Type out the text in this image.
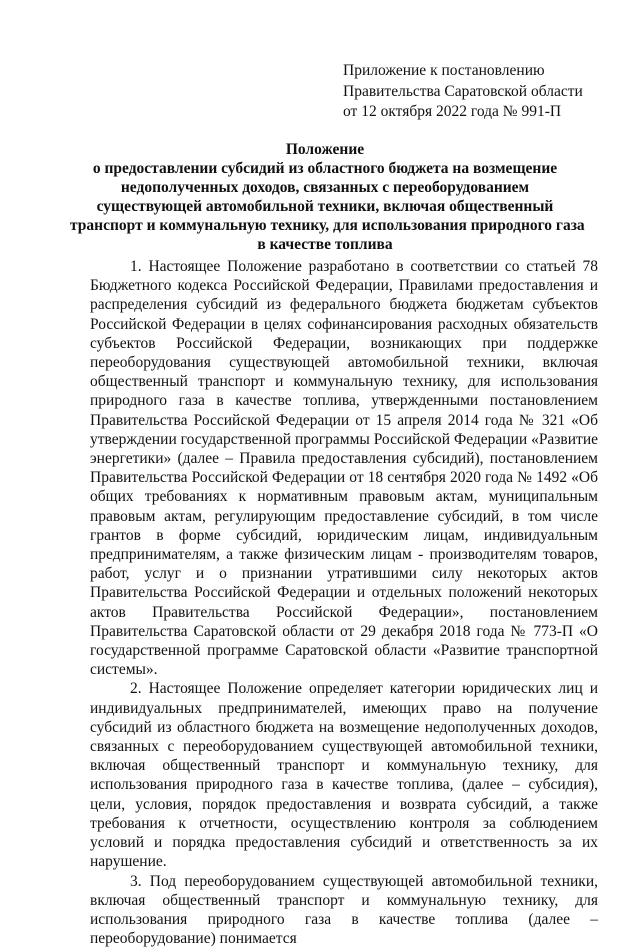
Приложение к постановлению
Правительства Саратовской области
от 12 октября 2022 года № 991-П
Положение
о предоставлении субсидий из областного бюджета на возмещение
недополученных доходов, связанных с переоборудованием
существующей автомобильной техники, включая общественный
транспорт и коммунальную технику, для использования природного газа
в качестве топлива

1. Настоящее Положение разработано в соответствии со статьей 78 Бюджетного кодекса Российской Федерации, Правилами предоставления и распределения субсидий из федерального бюджета бюджетам субъектов Российской Федерации в целях софинансирования расходных обязательств субъектов Российской Федерации, возникающих при поддержке переоборудования существующей автомобильной техники, включая общественный транспорт и коммунальную технику, для использования природного газа в качестве топлива, утвержденными постановлением Правительства Российской Федерации от 15 апреля 2014 года № 321 «Об утверждении государственной программы Российской Федерации «Развитие энергетики» (далее – Правила предоставления субсидий), постановлением Правительства Российской Федерации от 18 сентября 2020 года № 1492 «Об общих требованиях к нормативным правовым актам, муниципальным правовым актам, регулирующим предоставление субсидий, в том числе грантов в форме субсидий, юридическим лицам, индивидуальным предпринимателям, а также физическим лицам - производителям товаров, работ, услуг и о признании утратившими силу некоторых актов Правительства Российской Федерации и отдельных положений некоторых актов Правительства Российской Федерации», постановлением Правительства Саратовской области от 29 декабря 2018 года № 773-П «О государственной программе Саратовской области «Развитие транспортной системы».

2. Настоящее Положение определяет категории юридических лиц и индивидуальных предпринимателей, имеющих право на получение субсидий из областного бюджета на возмещение недополученных доходов, связанных с переоборудованием существующей автомобильной техники, включая общественный транспорт и коммунальную технику, для использования природного газа в качестве топлива, (далее – субсидия), цели, условия, порядок предоставления и возврата субсидий, а также требования к отчетности, осуществлению контроля за соблюдением условий и порядка предоставления субсидий и ответственность за их нарушение.

3. Под переоборудованием существующей автомобильной техники, включая общественный транспорт и коммунальную технику, для использования природного газа в качестве топлива (далее – переоборудование) понимается
